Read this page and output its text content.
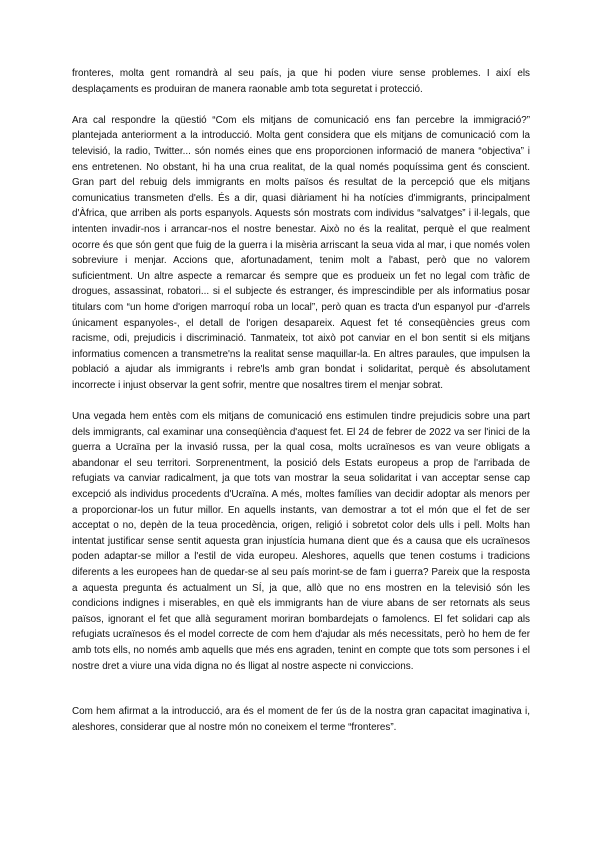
fronteres, molta gent romandrà al seu país, ja que hi poden viure sense problemes. I així els desplaçaments es produiran de manera raonable amb tota seguretat i protecció.

Ara cal respondre la qüestió “Com els mitjans de comunicació ens fan percebre la immigració?” plantejada anteriorment a la introducció. Molta gent considera que els mitjans de comunicació com la televisió, la radio, Twitter... són només eines que ens proporcionen informació de manera “objectiva” i ens entretenen. No obstant, hi ha una crua realitat, de la qual només poquíssima gent és conscient. Gran part del rebuig dels immigrants en molts països és resultat de la percepció que els mitjans comunicatius transmeten d'ells. És a dir, quasi diàriament hi ha notícies d'immigrants, principalment d'Àfrica, que arriben als ports espanyols. Aquests són mostrats com individus “salvatges” i il·legals, que intenten invadir-nos i arrancar-nos el nostre benestar. Això no és la realitat, perquè el que realment ocorre és que són gent que fuig de la guerra i la misèria arriscant la seua vida al mar, i que només volen sobreviure i menjar. Accions que, afortunadament, tenim molt a l'abast, però que no valorem suficientment. Un altre aspecte a remarcar és sempre que es produeix un fet no legal com tràfic de drogues, assassinat, robatori... si el subjecte és estranger, és imprescindible per als informatius posar titulars com “un home d'origen marroquí roba un local”, però quan es tracta d'un espanyol pur -d'arrels únicament espanyoles-, el detall de l'origen desapareix. Aquest fet té conseqüències greus com racisme, odi, prejudicis i discriminació. Tanmateix, tot això pot canviar en el bon sentit si els mitjans informatius comencen a transmetre'ns la realitat sense maquillar-la. En altres paraules, que impulsen la població a ajudar als immigrants i rebre'ls amb gran bondat i solidaritat, perquè és absolutament incorrecte i injust observar la gent sofrir, mentre que nosaltres tirem el menjar sobrat.

Una vegada hem entès com els mitjans de comunicació ens estimulen tindre prejudicis sobre una part dels immigrants, cal examinar una conseqüència d'aquest fet. El 24 de febrer de 2022 va ser l'inici de la guerra a Ucraïna per la invasió russa, per la qual cosa, molts ucraïnesos es van veure obligats a abandonar el seu territori. Sorprenentment, la posició dels Estats europeus a prop de l'arribada de refugiats va canviar radicalment, ja que tots van mostrar la seua solidaritat i van acceptar sense cap excepció als individus procedents d'Ucraïna. A més, moltes famílies van decidir adoptar als menors per a proporcionar-los un futur millor. En aquells instants, van demostrar a tot el món que el fet de ser acceptat o no, depèn de la teua procedència, origen, religió i sobretot color dels ulls i pell. Molts han intentat justificar sense sentit aquesta gran injustícia humana dient que és a causa que els ucraïnesos poden adaptar-se millor a l'estil de vida europeu. Aleshores, aquells que tenen costums i tradicions diferents a les europees han de quedar-se al seu país morint-se de fam i guerra? Pareix que la resposta a aquesta pregunta és actualment un SÍ, ja que, allò que no ens mostren en la televisió són les condicions indignes i miserables, en què els immigrants han de viure abans de ser retornats als seus països, ignorant el fet que allà segurament moriran bombardejats o famolencs. El fet solidari cap als refugiats ucraïnesos és el model correcte de com hem d'ajudar als més necessitats, però ho hem de fer amb tots ells, no només amb aquells que més ens agraden, tenint en compte que tots som persones i el nostre dret a viure una vida digna no és lligat al nostre aspecte ni conviccions.

Com hem afirmat a la introducció, ara és el moment de fer ús de la nostra gran capacitat imaginativa i, aleshores, considerar que al nostre món no coneixem el terme “fronteres”.
